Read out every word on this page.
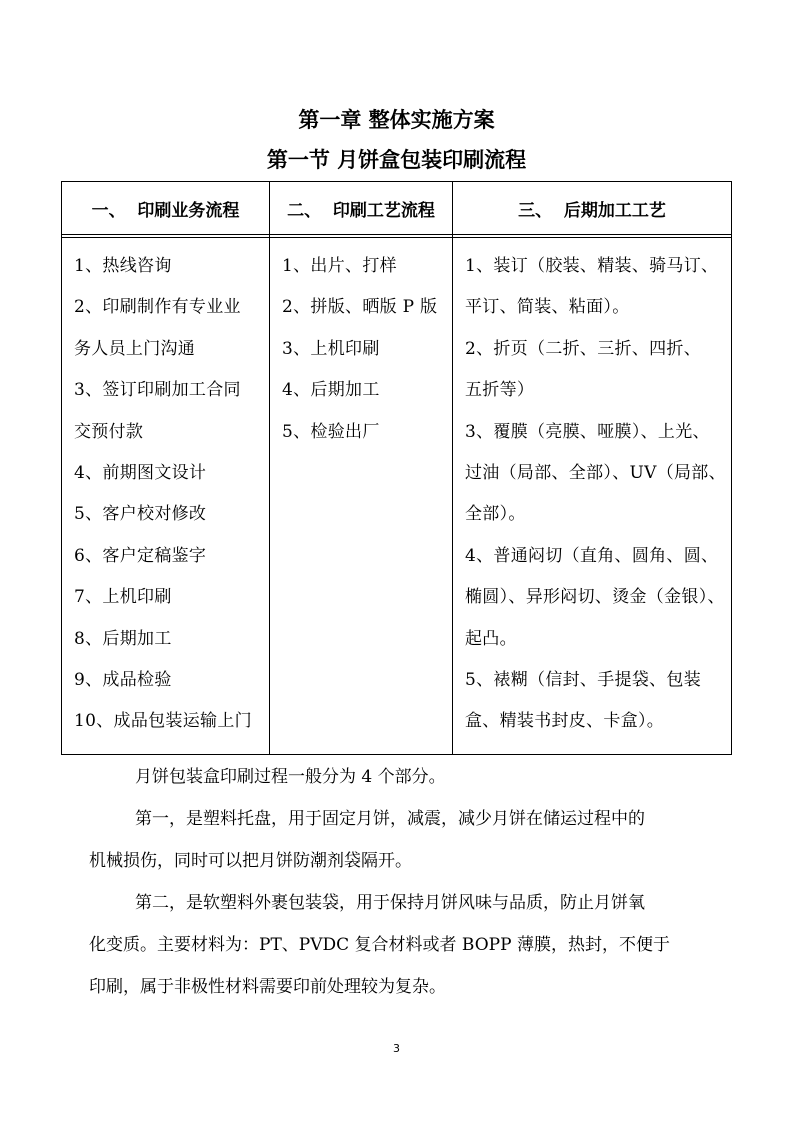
第一章 整体实施方案
第一节 月饼盒包装印刷流程
一、  印刷业务流程
1、热线咨询
2、印刷制作有专业业
务人员上门沟通
3、签订印刷加工合同
交预付款
4、前期图文设计
5、客户校对修改
6、客户定稿鉴字
7、上机印刷
8、后期加工
9、成品检验
10、成品包装运输上门
二、  印刷工艺流程
1、出片、打样
2、拼版、晒版 P 版
3、上机印刷
4、后期加工
5、检验出厂
三、  后期加工工艺
1、装订（胶装、精装、骑马订、
平订、简装、粘面）。
2、折页（二折、三折、四折、
五折等）
3、覆膜（亮膜、哑膜）、上光、
过油（局部、全部）、UV（局部、
全部）。
4、普通闷切（直角、圆角、圆、
椭圆）、异形闷切、烫金（金银）、
起凸。
5、裱糊（信封、手提袋、包装
盒、精装书封皮、卡盒）。

月饼包装盒印刷过程一般分为 4 个部分。

第一，是塑料托盘，用于固定月饼，减震，减少月饼在储运过程中的

机械损伤，同时可以把月饼防潮剂袋隔开。

第二，是软塑料外裹包装袋，用于保持月饼风味与品质，防止月饼氧

化变质。主要材料为：PT、PVDC 复合材料或者 BOPP 薄膜，热封，不便于

印刷，属于非极性材料需要印前处理较为复杂。

3
